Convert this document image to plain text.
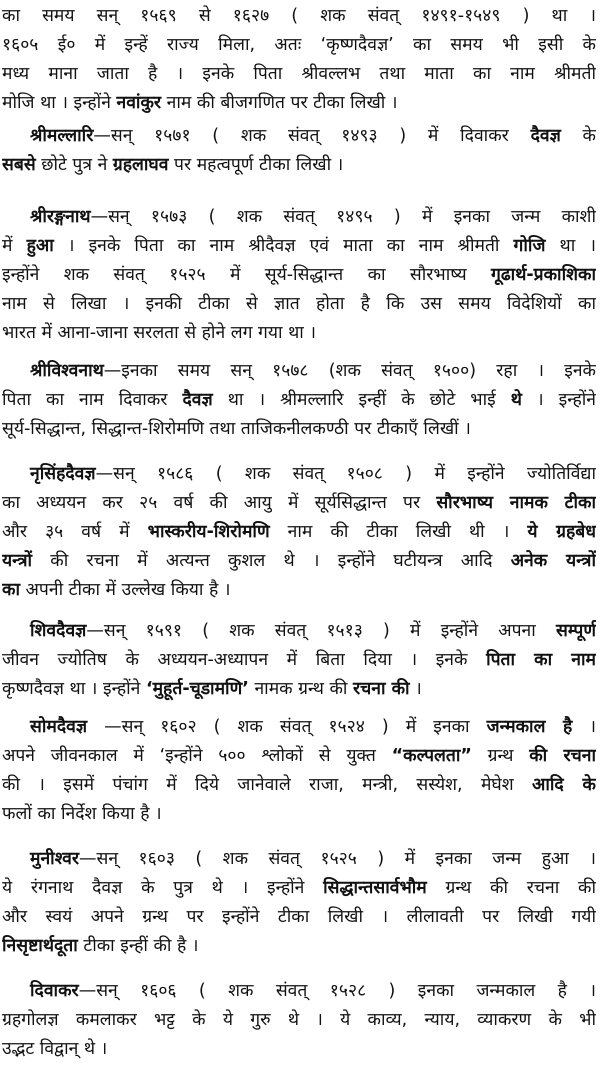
का समय सन् १५६९ से १६२७ ( शक संवत् १४९१-१५४९ ) था ।
१६०५ ई० में इन्हें राज्य मिला, अतः ‘कृष्णदैवज्ञ’ का समय भी इसी के
मध्य माना जाता है । इनके पिता श्रीवल्लभ तथा माता का नाम श्रीमती
मोजि था । इन्होंने नवांकुर नाम की बीजगणित पर टीका लिखी ।
श्रीमल्लारि—सन् १५७१ ( शक संवत् १४९३ ) में दिवाकर दैवज्ञ के
सबसे छोटे पुत्र ने ग्रहलाघव पर महत्वपूर्ण टीका लिखी ।
श्रीरङ्गनाथ—सन् १५७३ ( शक संवत् १४९५ ) में इनका जन्म काशी
में हुआ । इनके पिता का नाम श्रीदैवज्ञ एवं माता का नाम श्रीमती गोजि था ।
इन्होंने शक संवत् १५२५ में सूर्य-सिद्धान्त का सौरभाष्य गूढार्थ-प्रकाशिका
नाम से लिखा । इनकी टीका से ज्ञात होता है कि उस समय विदेशियों का
भारत में आना-जाना सरलता से होने लग गया था ।
श्रीविश्वनाथ—इनका समय सन् १५७८ (शक संवत् १५००) रहा । इनके
पिता का नाम दिवाकर दैवज्ञ था । श्रीमल्लारि इन्हीं के छोटे भाई थे । इन्होंने
सूर्य-सिद्धान्त, सिद्धान्त-शिरोमणि तथा ताजिकनीलकण्ठी पर टीकाएँ लिखीं ।
नृसिंहदैवज्ञ—सन् १५८६ ( शक संवत् १५०८ ) में इन्होंने ज्योतिर्विद्या
का अध्ययन कर २५ वर्ष की आयु में सूर्यसिद्धान्त पर सौरभाष्य नामक टीका
और ३५ वर्ष में भास्करीय-शिरोमणि नाम की टीका लिखी थी । ये ग्रहबेध
यन्त्रों की रचना में अत्यन्त कुशल थे । इन्होंने घटीयन्त्र आदि अनेक यन्त्रों
का अपनी टीका में उल्लेख किया है ।
शिवदैवज्ञ—सन् १५९१ ( शक संवत् १५१३ ) में इन्होंने अपना सम्पूर्ण
जीवन ज्योतिष के अध्ययन-अध्यापन में बिता दिया । इनके पिता का नाम
कृष्णदैवज्ञ था । इन्होंने ‘मुहूर्त-चूडामणि’ नामक ग्रन्थ की रचना की ।
सोमदैवज्ञ —सन् १६०२ ( शक संवत् १५२४ ) में इनका जन्मकाल है ।
अपने जीवनकाल में ‘इन्होंने ५०० श्लोकों से युक्त “कल्पलता” ग्रन्थ की रचना
की । इसमें पंचांग में दिये जानेवाले राजा, मन्त्री, सस्येश, मेघेश आदि के
फलों का निर्देश किया है ।
मुनीश्वर—सन् १६०३ ( शक संवत् १५२५ ) में इनका जन्म हुआ ।
ये रंगनाथ दैवज्ञ के पुत्र थे । इन्होंने सिद्धान्तसार्वभौम ग्रन्थ की रचना की
और स्वयं अपने ग्रन्थ पर इन्होंने टीका लिखी । लीलावती पर लिखी गयी
निसृष्टार्थदूता टीका इन्हीं की है ।
दिवाकर—सन् १६०६ ( शक संवत् १५२८ ) इनका जन्मकाल है ।
ग्रहगोलज्ञ कमलाकर भट्ट के ये गुरु थे । ये काव्य, न्याय, व्याकरण के भी
उद्भट विद्वान् थे ।
